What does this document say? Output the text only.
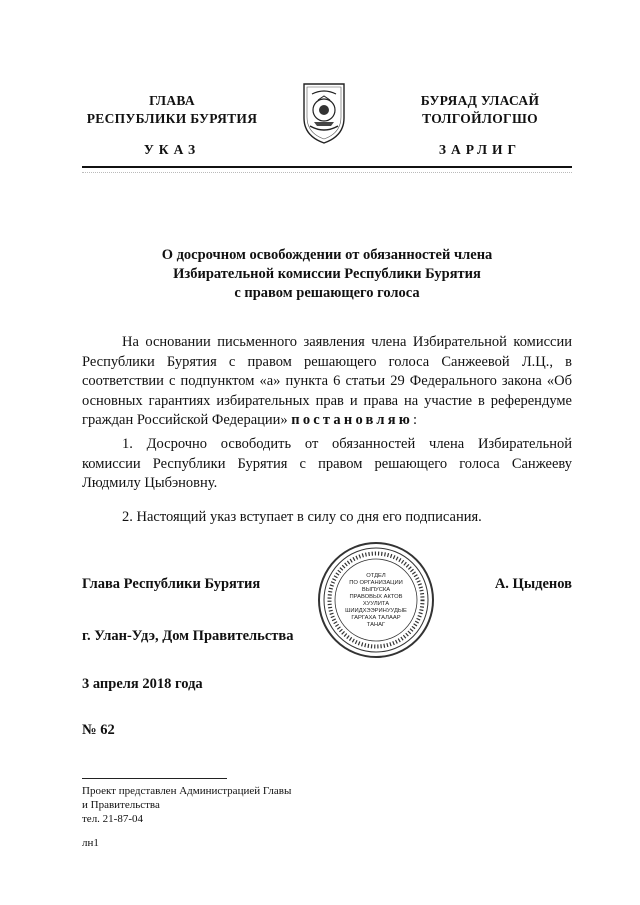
ГЛАВА
РЕСПУБЛИКИ БУРЯТИЯ
УКАЗ
БУРЯАД УЛАСАЙ
ТОЛГОЙЛОГШО
ЗАРЛИГ
О досрочном освобождении от обязанностей члена
Избирательной комиссии Республики Бурятия
с правом решающего голоса
На основании письменного заявления члена Избирательной комиссии Республики Бурятия с правом решающего голоса Санжеевой Л.Ц., в соответствии с подпунктом «а» пункта 6 статьи 29 Федерального закона «Об основных гарантиях избирательных прав и права на участие в референдуме граждан Российской Федерации» постановляю:
1. Досрочно освободить от обязанностей члена Избирательной комиссии Республики Бурятия с правом решающего голоса Санжееву Людмилу Цыбэновну.
2. Настоящий указ вступает в силу со дня его подписания.
ОТДЕЛ
ПО ОРГАНИЗАЦИИ
ВЫПУСКА
ПРАВОВЫХ АКТОВ
ХУУЛИТА
ШИИДХЭЭРИНУУДЫЕ
ГАРГАХА ТАЛААР
ТАНАГ
Глава Республики Бурятия	А. Цыденов
г. Улан-Удэ, Дом Правительства
3 апреля 2018 года
№ 62
Проект представлен Администрацией Главы
и Правительства
тел. 21-87-04
лн1
